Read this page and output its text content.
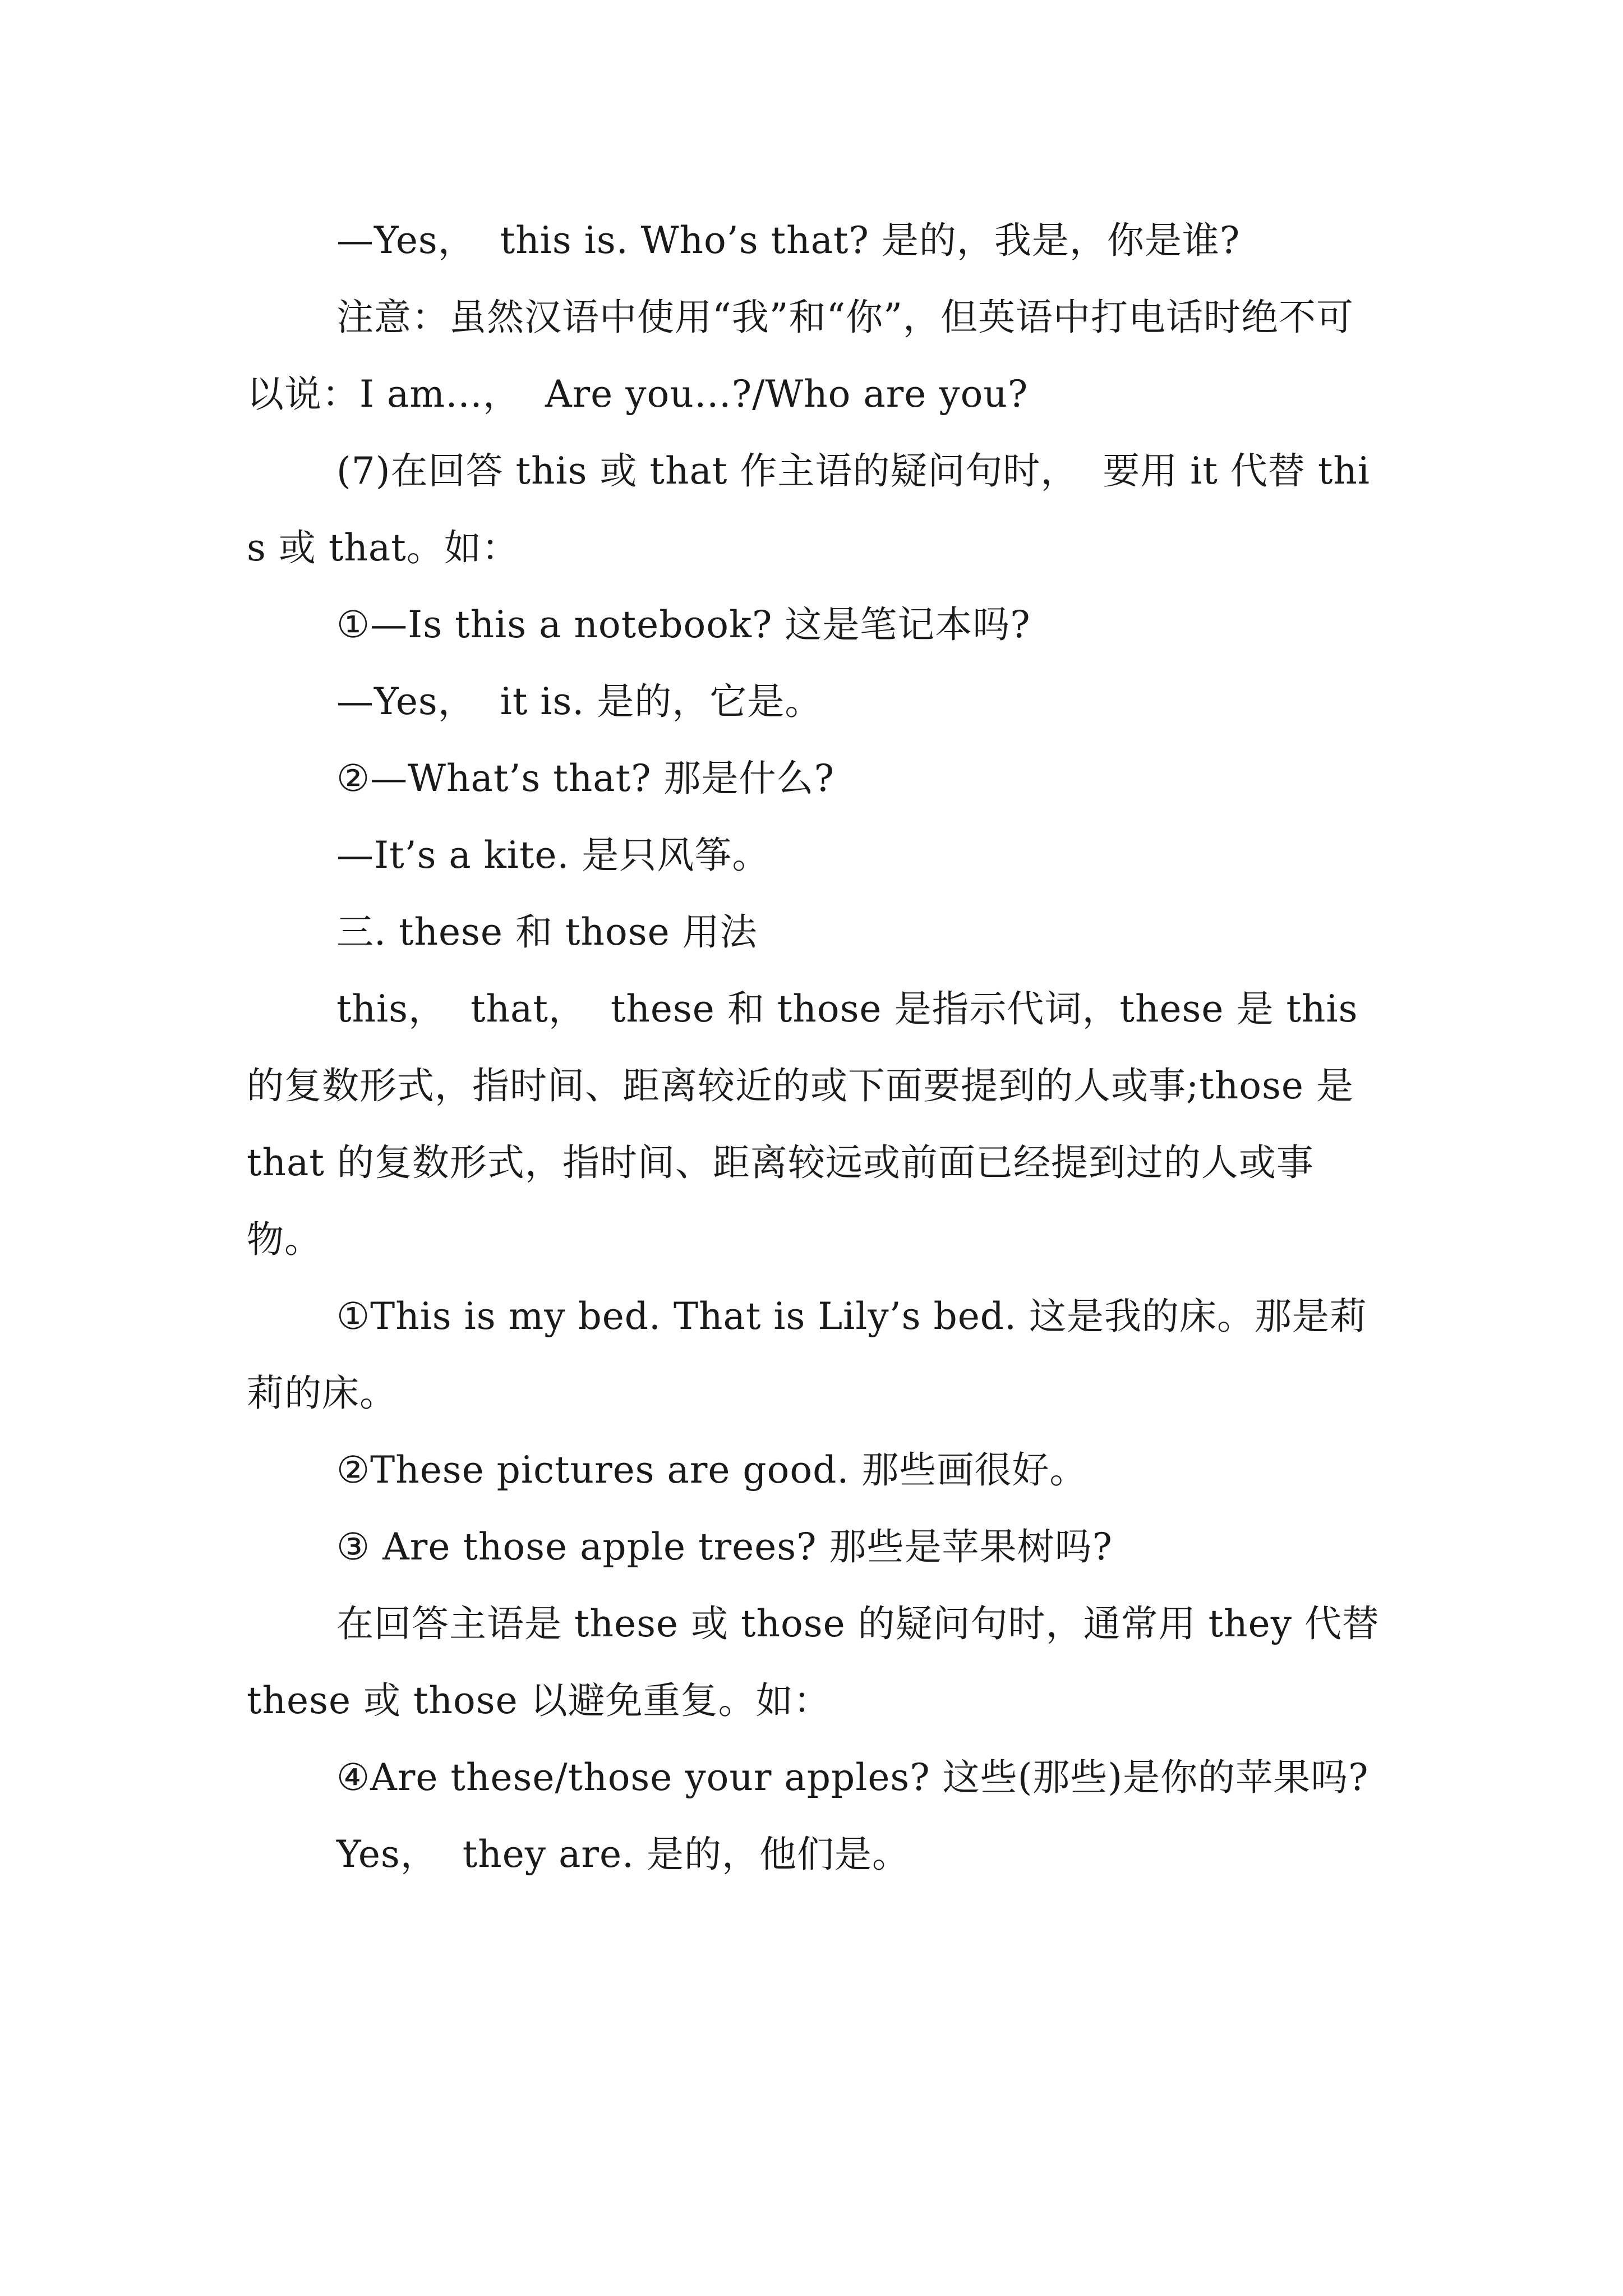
—Yes，  this is. Who’s that? 是的，我是，你是谁?

注意：虽然汉语中使用“我”和“你”，但英语中打电话时绝不可以说：I am…，  Are you…?/Who are you?

(7)在回答 this 或 that 作主语的疑问句时，  要用 it 代替 this 或 that。如：

①—Is this a notebook? 这是笔记本吗?

—Yes，  it is. 是的，它是。

②—What’s that? 那是什么?

—It’s a kite. 是只风筝。

三. these 和 those 用法

this，  that，  these 和 those 是指示代词，these 是 this 的复数形式，指时间、距离较近的或下面要提到的人或事;those 是 that 的复数形式，指时间、距离较远或前面已经提到过的人或事物。

①This is my bed. That is Lily’s bed. 这是我的床。那是莉莉的床。

②These pictures are good. 那些画很好。

③ Are those apple trees? 那些是苹果树吗?

在回答主语是 these 或 those 的疑问句时，通常用 they 代替 these 或 those 以避免重复。如：

④Are these/those your apples? 这些(那些)是你的苹果吗?

Yes，  they are. 是的，他们是。
